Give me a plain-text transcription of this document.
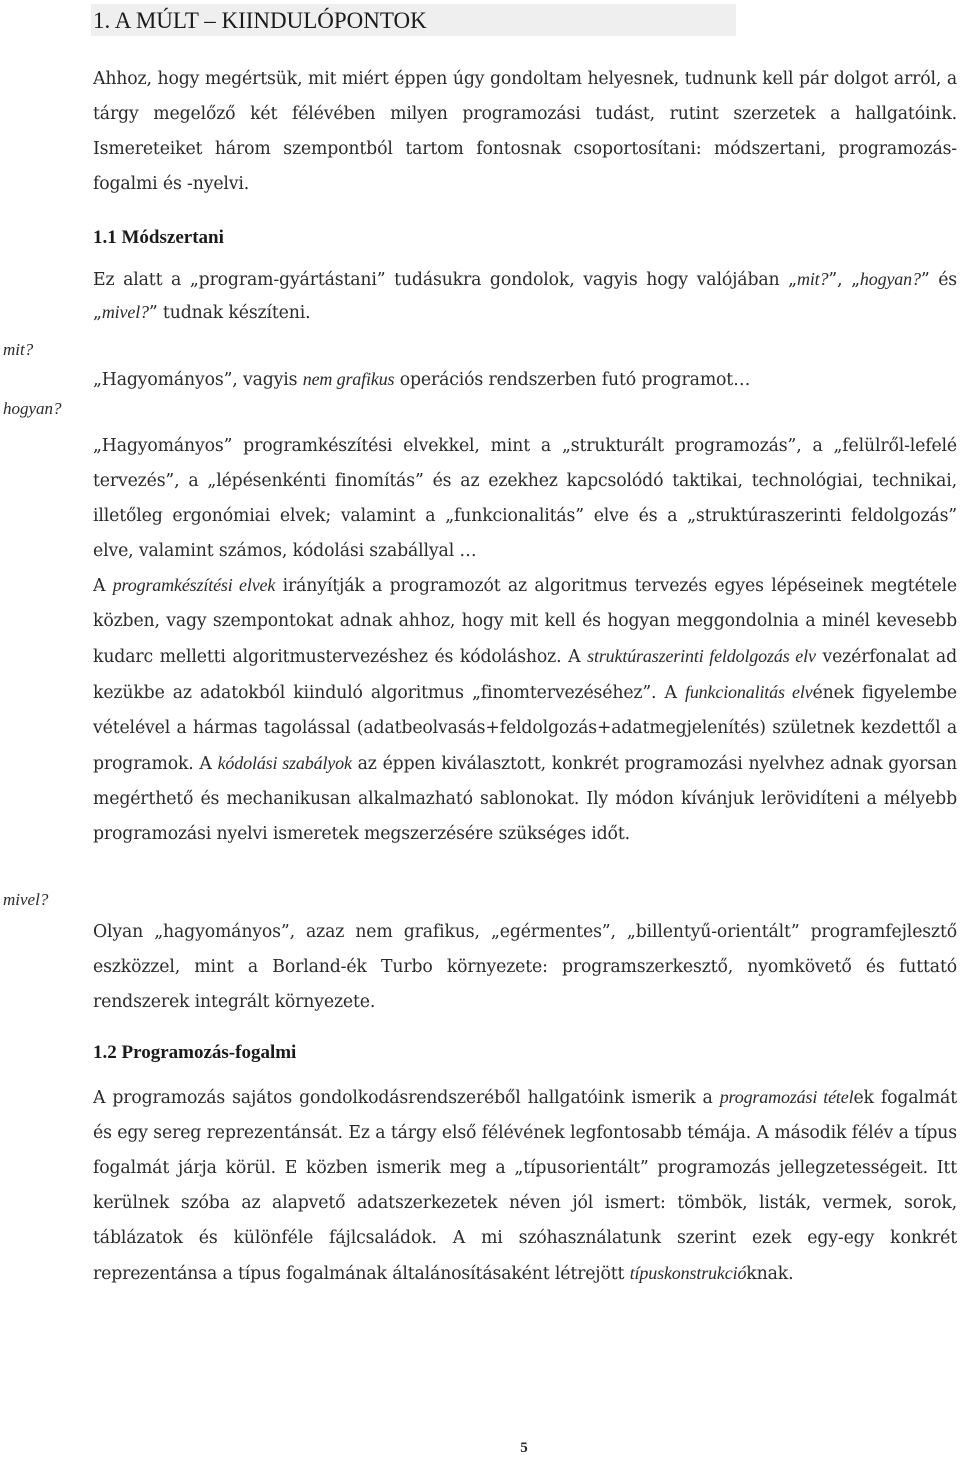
1. A MÚLT – KIINDULÓPONTOK

Ahhoz, hogy megértsük, mit miért éppen úgy gondoltam helyesnek, tudnunk kell pár dolgot arról, a tárgy megelőző két félévében milyen programozási tudást, rutint szerzetek a hallgatóink. Ismereteiket három szempontból tartom fontosnak csoportosítani: módszertani, programozás-fogalmi és -nyelvi.

1.1 Módszertani

Ez alatt a „program-gyártástani” tudásukra gondolok, vagyis hogy valójában „mit?”, „hogyan?” és „mivel?” tudnak készíteni.

„Hagyományos”, vagyis nem grafikus operációs rendszerben futó programot…

„Hagyományos” programkészítési elvekkel, mint a „strukturált programozás”, a „felülről-lefelé tervezés”, a „lépésenkénti finomítás” és az ezekhez kapcsolódó taktikai, technológiai, technikai, illetőleg ergonómiai elvek; valamint a „funkcionalitás” elve és a „struktúraszerinti feldolgozás” elve, valamint számos, kódolási szabállyal …

A programkészítési elvek irányítják a programozót az algoritmus tervezés egyes lépéseinek megtétele közben, vagy szempontokat adnak ahhoz, hogy mit kell és hogyan meggondolnia a minél kevesebb kudarc melletti algoritmustervezéshez és kódoláshoz. A struktúraszerinti feldolgozás elv vezérfonalat ad kezükbe az adatokból kiinduló algoritmus „finomtervezéséhez”. A funkcionalitás elvének figyelembe vételével a hármas tagolással (adatbeolvasás+feldolgozás+adatmegjelenítés) születnek kezdettől a programok. A kódolási szabályok az éppen kiválasztott, konkrét programozási nyelvhez adnak gyorsan megérthető és mechanikusan alkalmazható sablonokat. Ily módon kívánjuk lerövidíteni a mélyebb programozási nyelvi ismeretek megszerzésére szükséges időt.

Olyan „hagyományos”, azaz nem grafikus, „egérmentes”, „billentyű-orientált” programfejlesztő eszközzel, mint a Borland-ék Turbo környezete: programszerkesztő, nyomkövető és futtató rendszerek integrált környezete.

1.2 Programozás-fogalmi

A programozás sajátos gondolkodásrendszeréből hallgatóink ismerik a programozási tételek fogalmát és egy sereg reprezentánsát. Ez a tárgy első félévének legfontosabb témája. A második félév a típus fogalmát járja körül. E közben ismerik meg a „típusorientált” programozás jellegzetességeit. Itt kerülnek szóba az alapvető adatszerkezetek néven jól ismert: tömbök, listák, vermek, sorok, táblázatok és különféle fájlcsaládok. A mi szóhasználatunk szerint ezek egy-egy konkrét reprezentánsa a típus fogalmának általánosításaként létrejött típuskonstrukcióknak.

mit?
hogyan?
mivel?
5
